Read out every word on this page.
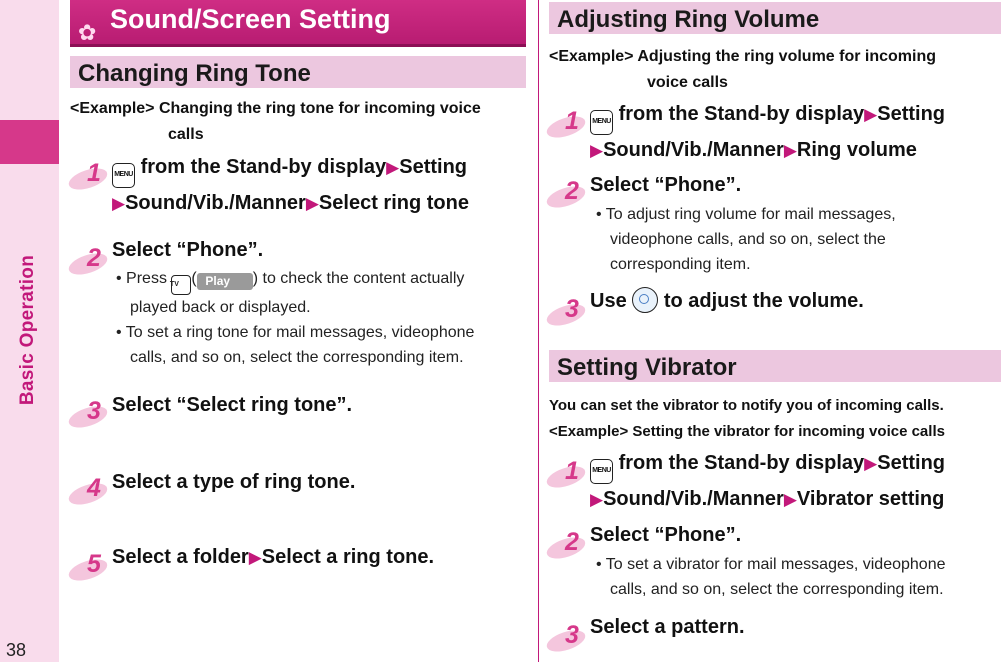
Basic Operation
38
✿ Sound/Screen Setting
Changing Ring Tone
<Example> Changing the ring tone for incoming voice
calls
1	MENU from the Stand-by display▶Setting
▶Sound/Vib./Manner▶Select ring tone
2 Select “Phone”.
• Press TV ( Play ) to check the content actually
played back or displayed.
• To set a ring tone for mail messages, videophone
calls, and so on, select the corresponding item.
3 Select “Select ring tone”.
4 Select a type of ring tone.
5 Select a folder▶Select a ring tone.
Adjusting Ring Volume
<Example> Adjusting the ring volume for incoming
voice calls
1	MENU from the Stand-by display▶Setting
▶Sound/Vib./Manner▶Ring volume
2 Select “Phone”.
• To adjust ring volume for mail messages,
videophone calls, and so on, select the
corresponding item.
3 Use to adjust the volume.
Setting Vibrator
You can set the vibrator to notify you of incoming calls.
<Example> Setting the vibrator for incoming voice calls
1	MENU from the Stand-by display▶Setting
▶Sound/Vib./Manner▶Vibrator setting
2 Select “Phone”.
• To set a vibrator for mail messages, videophone
calls, and so on, select the corresponding item.
3 Select a pattern.
